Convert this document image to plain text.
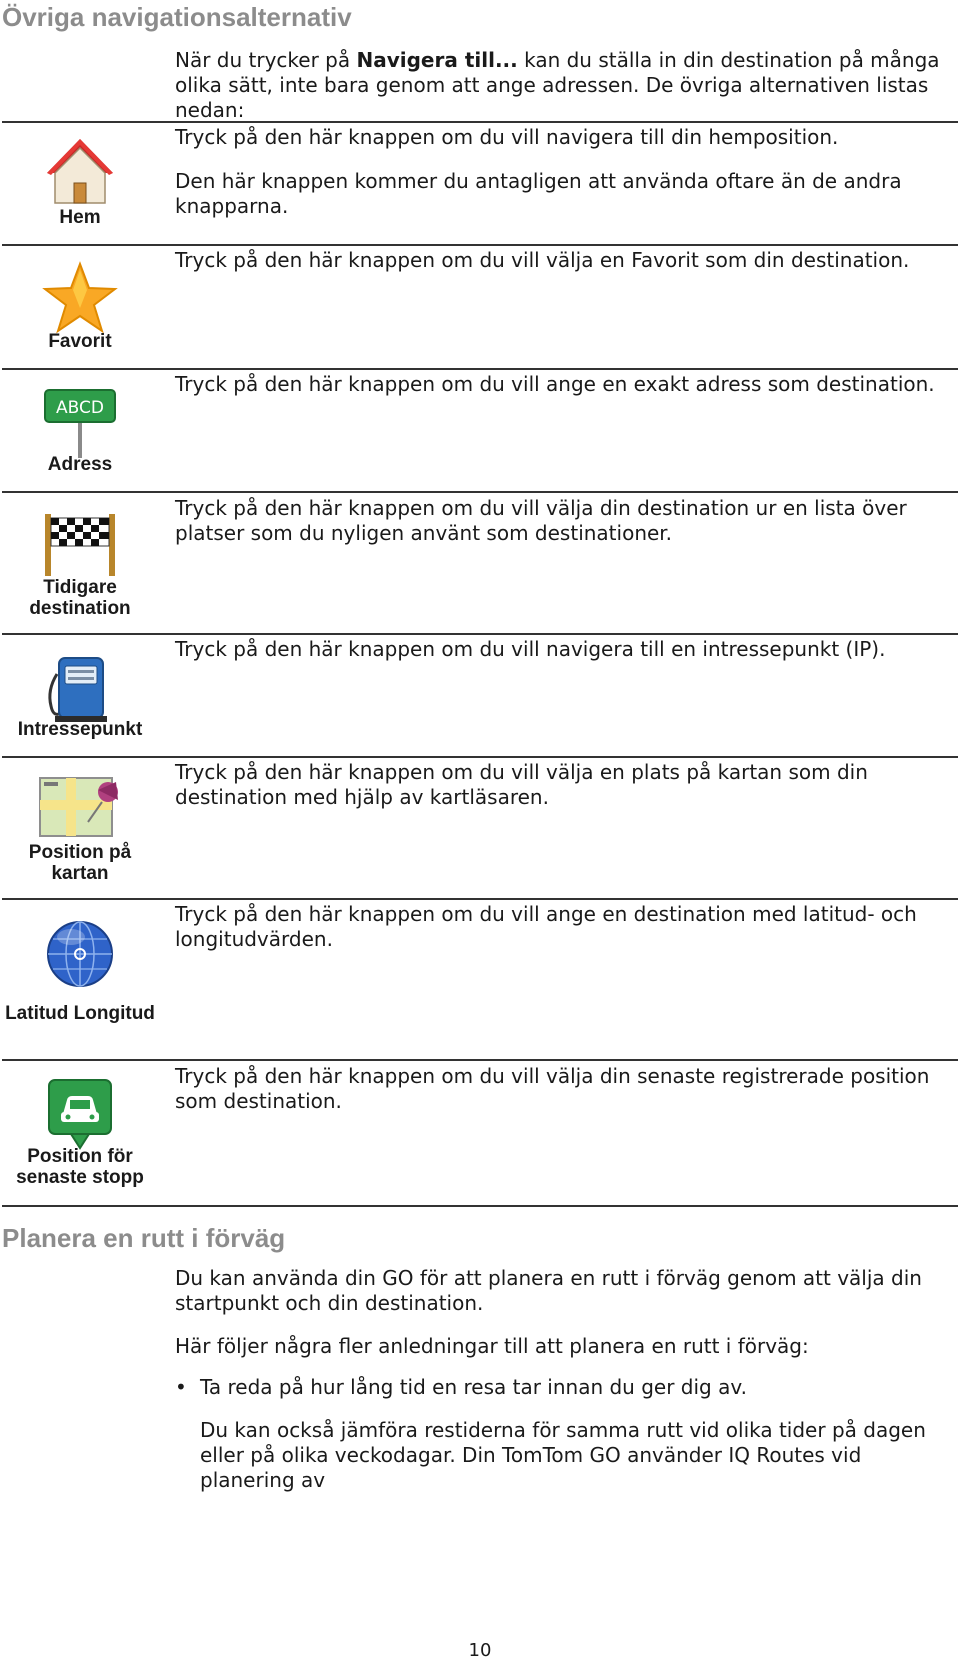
Övriga navigationsalternativ

När du trycker på Navigera till... kan du ställa in din destination på många olika sätt, inte bara genom att ange adressen. De övriga alternativen listas nedan:

Hem

Tryck på den här knappen om du vill navigera till din hemposition.

Den här knappen kommer du antagligen att använda oftare än de andra knapparna.

Favorit

Tryck på den här knappen om du vill välja en Favorit som din destination.

ABCD
Adress

Tryck på den här knappen om du vill ange en exakt adress som destination.

Tidigare destination

Tryck på den här knappen om du vill välja din destination ur en lista över platser som du nyligen använt som destinationer.

Intressepunkt

Tryck på den här knappen om du vill navigera till en intressepunkt (IP).

Position på kartan

Tryck på den här knappen om du vill välja en plats på kartan som din destination med hjälp av kartläsaren.

Latitud Longitud

Tryck på den här knappen om du vill ange en destination med latitud- och longitudvärden.

Position för senaste stopp

Tryck på den här knappen om du vill välja din senaste registrerade position som destination.

Planera en rutt i förväg

Du kan använda din GO för att planera en rutt i förväg genom att välja din startpunkt och din destination.

Här följer några fler anledningar till att planera en rutt i förväg:

• Ta reda på hur lång tid en resa tar innan du ger dig av.

Du kan också jämföra restiderna för samma rutt vid olika tider på dagen eller på olika veckodagar. Din TomTom GO använder IQ Routes vid planering av

10
